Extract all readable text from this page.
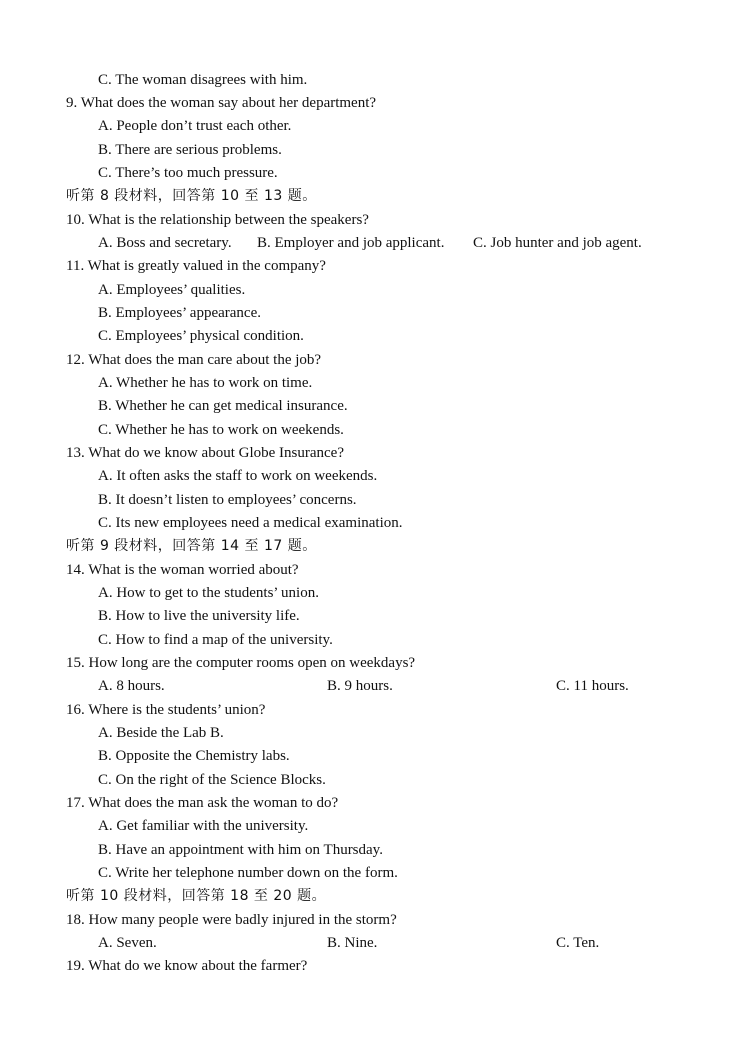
C. The woman disagrees with him.
9. What does the woman say about her department?
A. People don’t trust each other.
B. There are serious problems.
C. There’s too much pressure.
听第 8 段材料，回答第 10 至 13 题。
10. What is the relationship between the speakers?
A. Boss and secretary. B. Employer and job applicant. C. Job hunter and job agent.
11. What is greatly valued in the company?
A. Employees’ qualities.
B. Employees’ appearance.
C. Employees’ physical condition.
12. What does the man care about the job?
A. Whether he has to work on time.
B. Whether he can get medical insurance.
C. Whether he has to work on weekends.
13. What do we know about Globe Insurance?
A. It often asks the staff to work on weekends.
B. It doesn’t listen to employees’ concerns.
C. Its new employees need a medical examination.
听第 9 段材料，回答第 14 至 17 题。
14. What is the woman worried about?
A. How to get to the students’ union.
B. How to live the university life.
C. How to find a map of the university.
15. How long are the computer rooms open on weekdays?
A. 8 hours.	B. 9 hours.	C. 11 hours.
16. Where is the students’ union?
A. Beside the Lab B.
B. Opposite the Chemistry labs.
C. On the right of the Science Blocks.
17. What does the man ask the woman to do?
A. Get familiar with the university.
B. Have an appointment with him on Thursday.
C. Write her telephone number down on the form.
听第 10 段材料，回答第 18 至 20 题。
18. How many people were badly injured in the storm?
A. Seven.	B. Nine.	C. Ten.
19. What do we know about the farmer?
